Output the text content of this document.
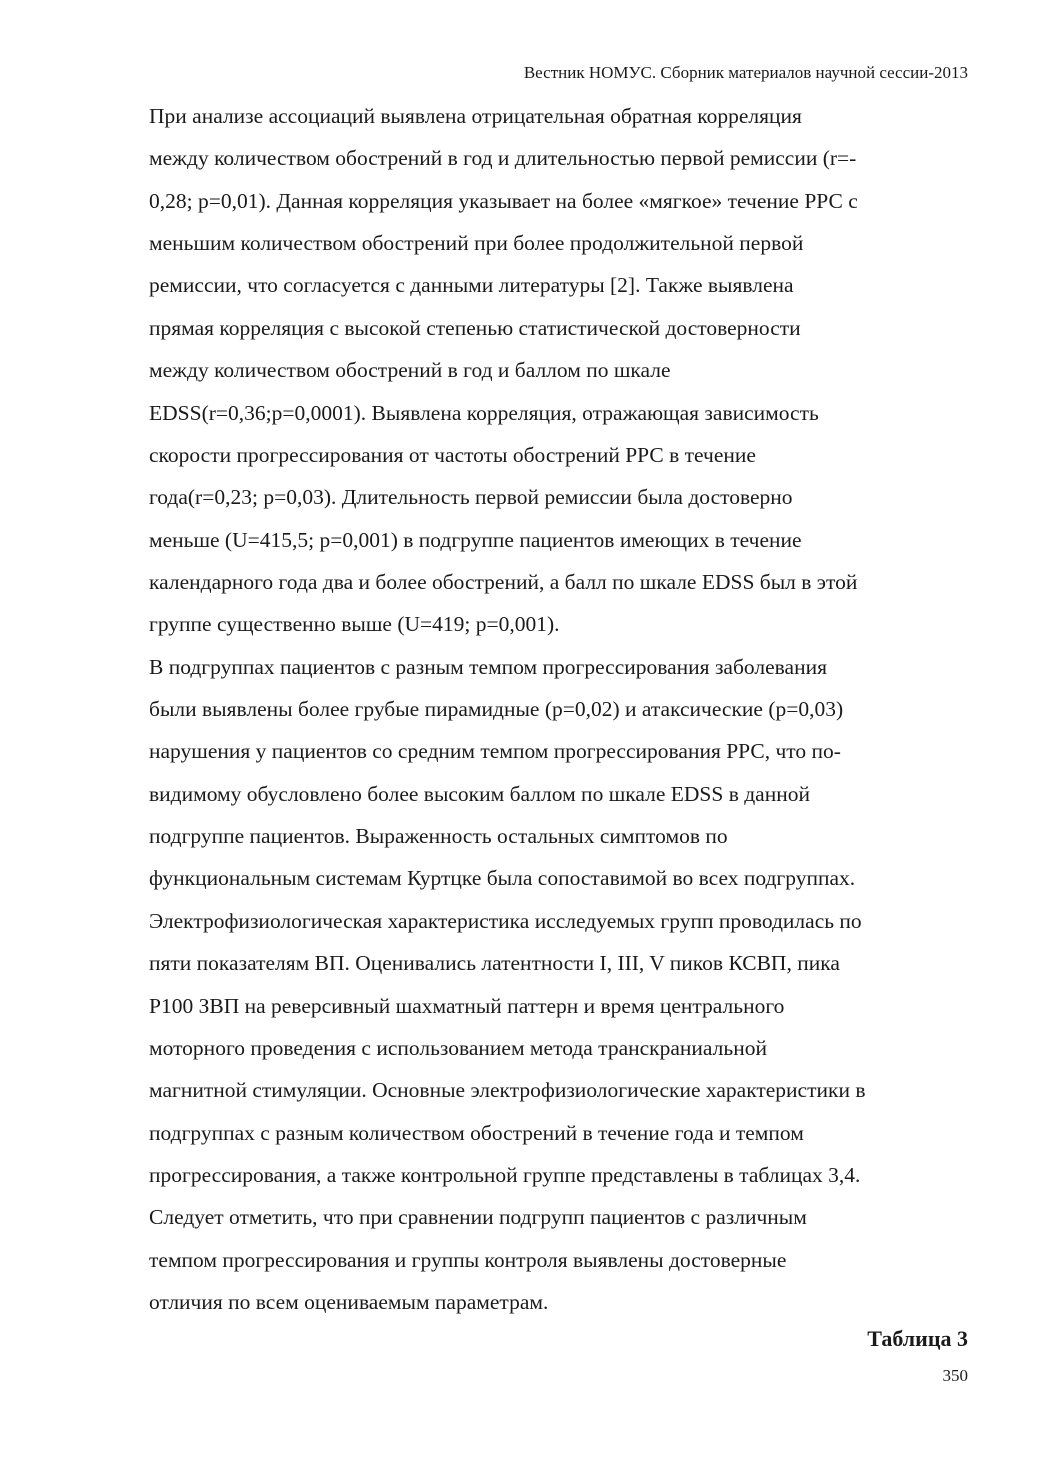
Вестник НОМУС. Сборник материалов научной сессии-2013
При анализе ассоциаций выявлена отрицательная обратная корреляция
между количеством обострений в год и длительностью первой ремиссии (r=-
0,28; p=0,01). Данная корреляция указывает на более «мягкое» течение РРС с
меньшим количеством обострений при более продолжительной первой
ремиссии, что согласуется с данными литературы [2]. Также выявлена
прямая корреляция с высокой степенью статистической достоверности
между количеством обострений в год и баллом по шкале
EDSS(r=0,36;p=0,0001). Выявлена корреляция, отражающая зависимость
скорости прогрессирования от частоты обострений РРС в течение
года(r=0,23; p=0,03). Длительность первой ремиссии была достоверно
меньше (U=415,5; p=0,001) в подгруппе пациентов имеющих в течение
календарного года два и более обострений, а балл по шкале EDSS был в этой
группе существенно выше (U=419; p=0,001).
В подгруппах пациентов с разным темпом прогрессирования заболевания
были выявлены более грубые пирамидные (p=0,02) и атаксические (p=0,03)
нарушения у пациентов со средним темпом прогрессирования РРС, что по-
видимому обусловлено более высоким баллом по шкале EDSS в данной
подгруппе пациентов. Выраженность остальных симптомов по
функциональным системам Куртцке была сопоставимой во всех подгруппах.
Электрофизиологическая характеристика исследуемых групп проводилась по
пяти показателям ВП. Оценивались латентности I, III, V пиков КСВП, пика
Р100 ЗВП на реверсивный шахматный паттерн и время центрального
моторного проведения с использованием метода транскраниальной
магнитной стимуляции. Основные электрофизиологические характеристики в
подгруппах с разным количеством обострений в течение года и темпом
прогрессирования, а также контрольной группе представлены в таблицах 3,4.
Следует отметить, что при сравнении подгрупп пациентов с различным
темпом прогрессирования и группы контроля выявлены достоверные
отличия по всем оцениваемым параметрам.
Таблица 3
350
